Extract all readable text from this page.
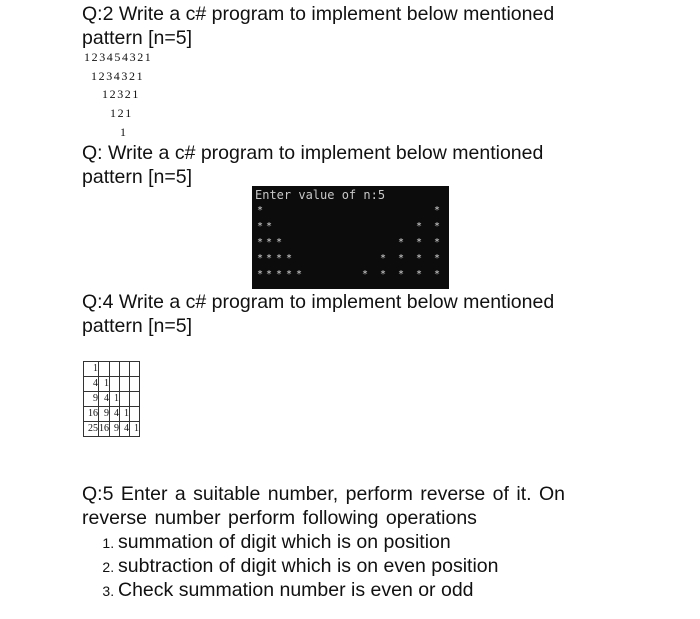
Q:2 Write a c# program to implement below mentioned
pattern [n=5]
123454321
1234321
12321
121
1
Q: Write a c# program to implement below mentioned
pattern [n=5]
Enter value of n:5
*	*
*	*
*	*
*	*
*	*
*	*
*	*
*	*
*	*
*	*
*	*
*	*
*	*
*	*
*	*
Q:4 Write a c# program to implement below mentioned
pattern [n=5]
1				
4	1			
9	4	1		
16	9	4	1	
25	16	9	4	1
Q:5 Enter a suitable number, perform reverse of it. On
reverse number perform following operations
1. summation of digit which is on position
2. subtraction of digit which is on even position
3. Check summation number is even or odd
